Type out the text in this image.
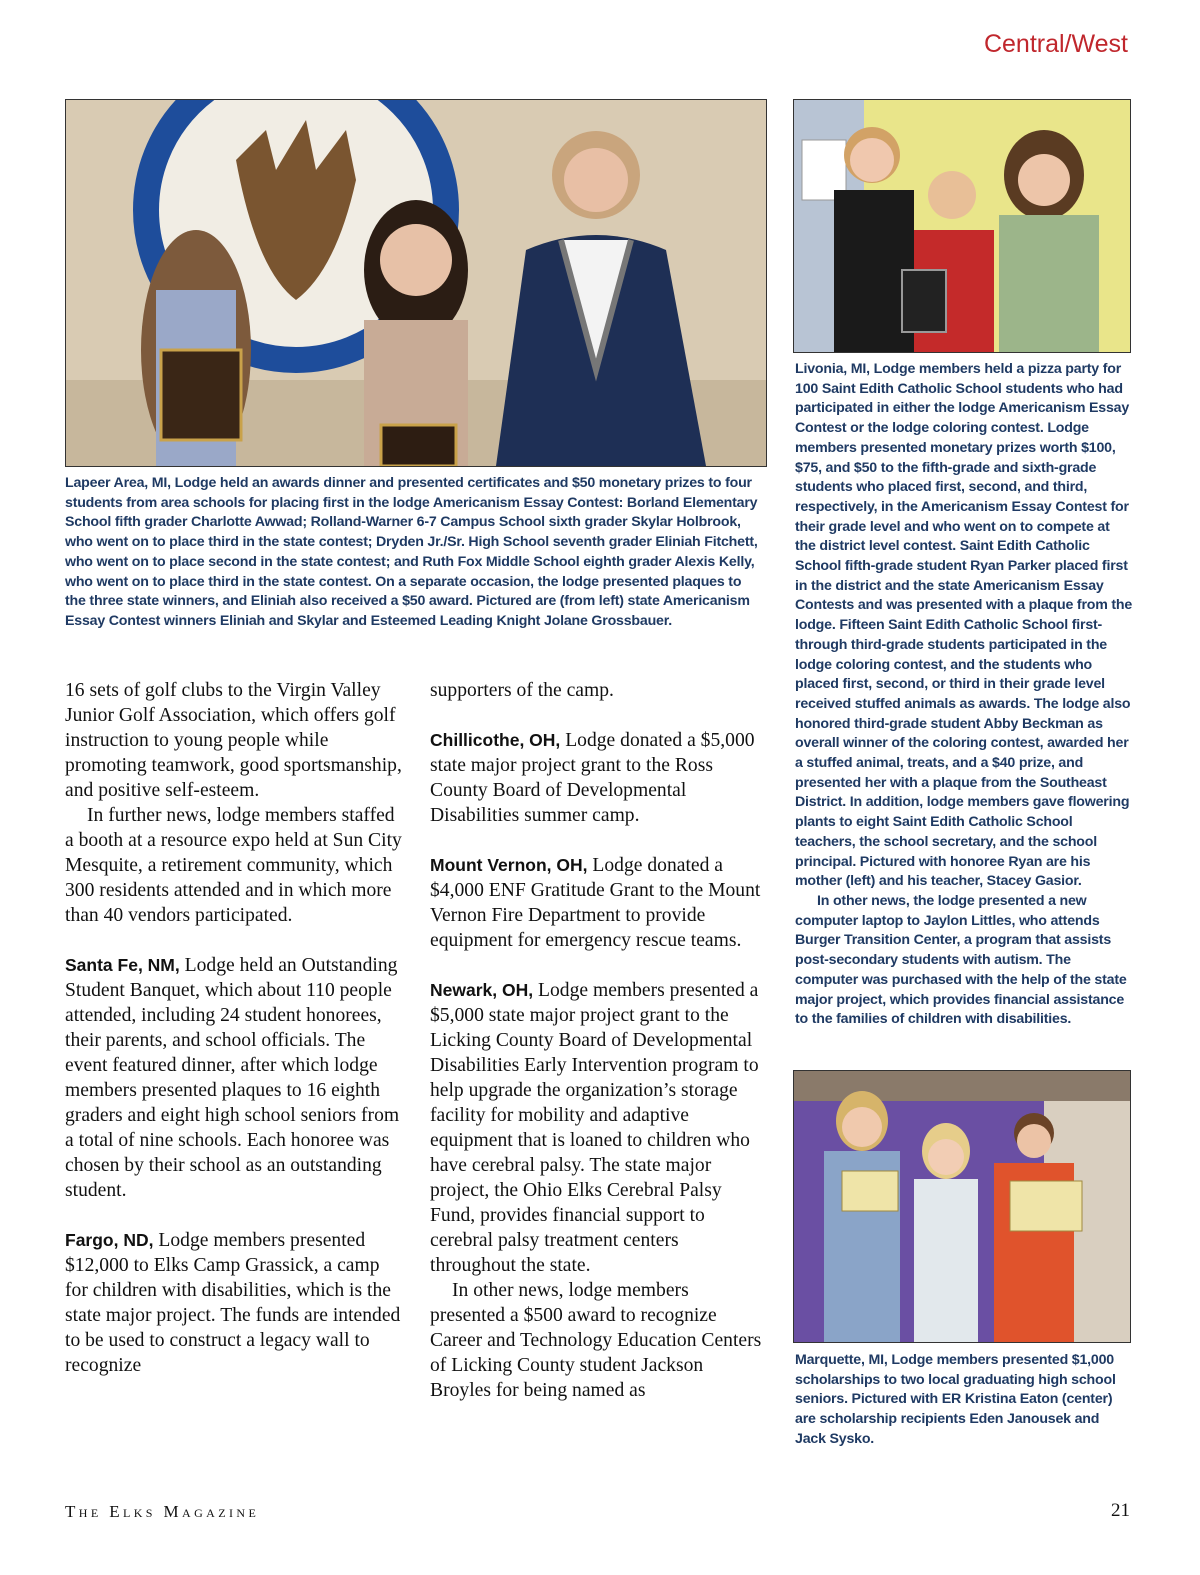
Central/West

Lapeer Area, MI, Lodge held an awards dinner and presented certificates and $50 monetary prizes to four students from area schools for placing first in the lodge Americanism Essay Contest: Borland Elementary School fifth grader Charlotte Awwad; Rolland-Warner 6-7 Campus School sixth grader Skylar Holbrook, who went on to place third in the state contest; Dryden Jr./Sr. High School seventh grader Eliniah Fitchett, who went on to place second in the state contest; and Ruth Fox Middle School eighth grader Alexis Kelly, who went on to place third in the state contest. On a separate occasion, the lodge presented plaques to the three state winners, and Eliniah also received a $50 award. Pictured are (from left) state Americanism Essay Contest winners Eliniah and Skylar and Esteemed Leading Knight Jolane Grossbauer.

Livonia, MI, Lodge members held a pizza party for 100 Saint Edith Catholic School students who had participated in either the lodge Americanism Essay Contest or the lodge coloring contest. Lodge members presented monetary prizes worth $100, $75, and $50 to the fifth-grade and sixth-grade students who placed first, second, and third, respectively, in the Americanism Essay Contest for their grade level and who went on to compete at the district level contest. Saint Edith Catholic School fifth-grade student Ryan Parker placed first in the district and the state Americanism Essay Contests and was presented with a plaque from the lodge. Fifteen Saint Edith Catholic School first- through third-grade students participated in the lodge coloring contest, and the students who placed first, second, or third in their grade level received stuffed animals as awards. The lodge also honored third-grade student Abby Beckman as overall winner of the coloring contest, awarded her a stuffed animal, treats, and a $40 prize, and presented her with a plaque from the Southeast District. In addition, lodge members gave flowering plants to eight Saint Edith Catholic School teachers, the school secretary, and the school principal. Pictured with honoree Ryan are his mother (left) and his teacher, Stacey Gasior.

In other news, the lodge presented a new computer laptop to Jaylon Littles, who attends Burger Transition Center, a program that assists post-secondary students with autism. The computer was purchased with the help of the state major project, which provides financial assistance to the families of children with disabilities.

Marquette, MI, Lodge members presented $1,000 scholarships to two local graduating high school seniors. Pictured with ER Kristina Eaton (center) are scholarship recipients Eden Janousek and Jack Sysko.

16 sets of golf clubs to the Virgin Valley Junior Golf Association, which offers golf instruction to young people while promoting teamwork, good sportsmanship, and positive self-esteem.

In further news, lodge members staffed a booth at a resource expo held at Sun City Mesquite, a retirement community, which 300 residents attended and in which more than 40 vendors participated.

Santa Fe, NM, Lodge held an Outstanding Student Banquet, which about 110 people attended, including 24 student honorees, their parents, and school officials. The event featured dinner, after which lodge members presented plaques to 16 eighth graders and eight high school seniors from a total of nine schools. Each honoree was chosen by their school as an outstanding student.

Fargo, ND, Lodge members presented $12,000 to Elks Camp Grassick, a camp for children with disabilities, which is the state major project. The funds are intended to be used to construct a legacy wall to recognize

supporters of the camp.

Chillicothe, OH, Lodge donated a $5,000 state major project grant to the Ross County Board of Developmental Disabilities summer camp.

Mount Vernon, OH, Lodge donated a $4,000 ENF Gratitude Grant to the Mount Vernon Fire Department to provide equipment for emergency rescue teams.

Newark, OH, Lodge members presented a $5,000 state major project grant to the Licking County Board of Developmental Disabilities Early Intervention program to help upgrade the organization’s storage facility for mobility and adaptive equipment that is loaned to children who have cerebral palsy. The state major project, the Ohio Elks Cerebral Palsy Fund, provides financial support to cerebral palsy treatment centers throughout the state.

In other news, lodge members presented a $500 award to recognize Career and Technology Education Centers of Licking County student Jackson Broyles for being named as

The Elks Magazine	21
